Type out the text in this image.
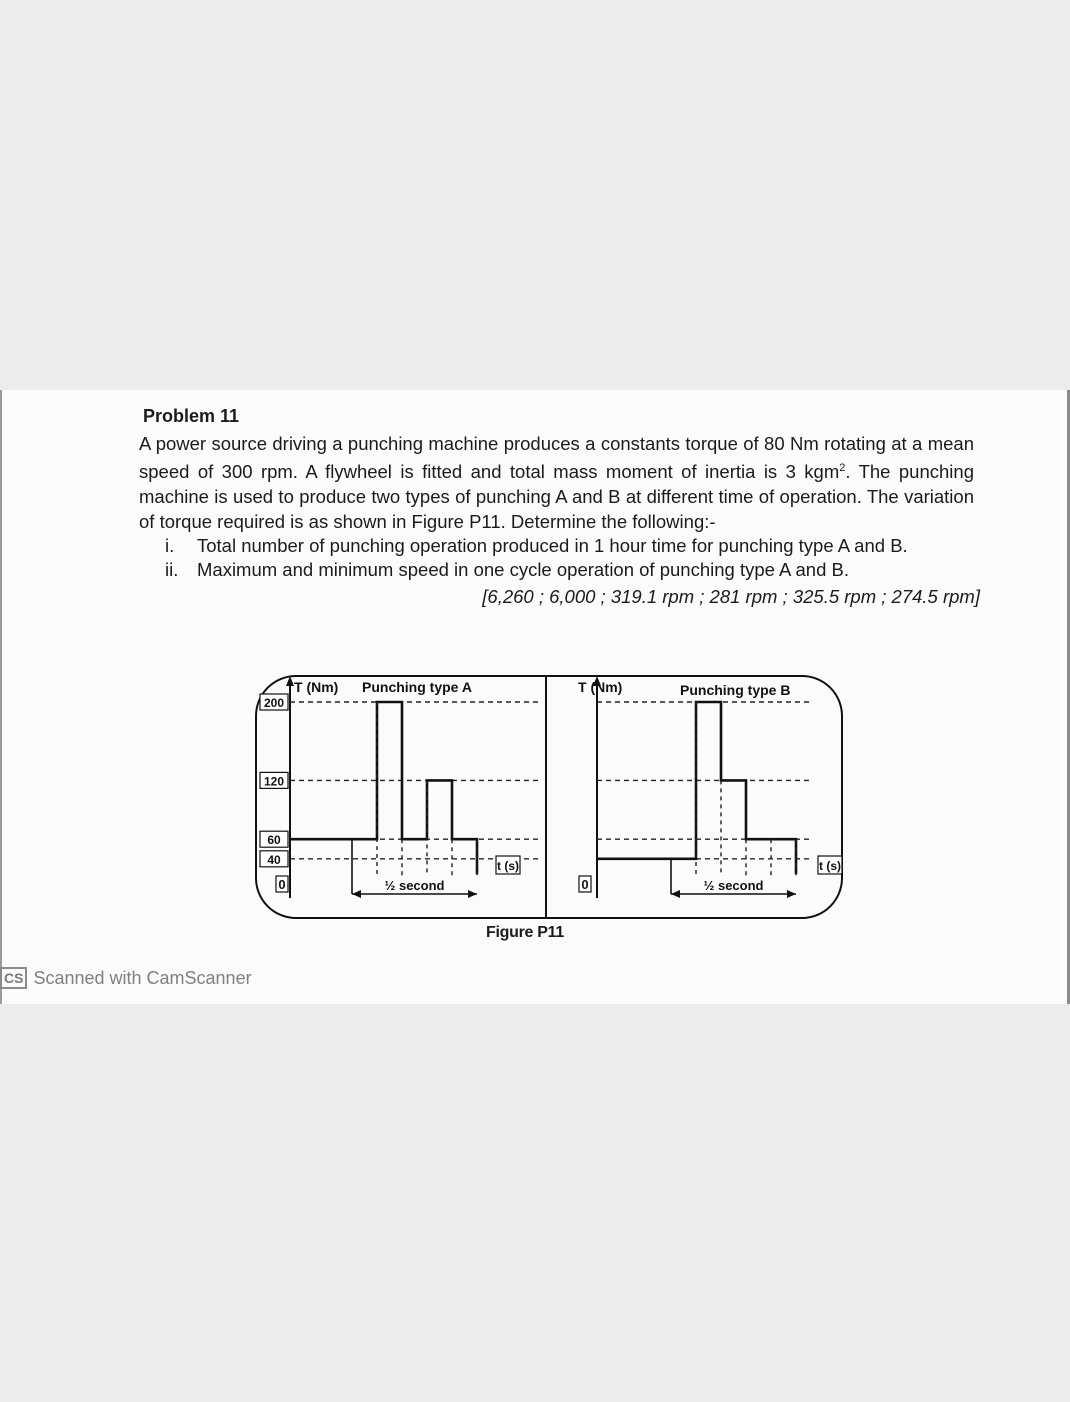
Problem 11

A power source driving a punching machine produces a constants torque of 80 Nm rotating at a mean speed of 300 rpm. A flywheel is fitted and total mass moment of inertia is 3 kgm$^2$. The punching machine is used to produce two types of punching A and B at different time of operation. The variation of torque required is as shown in Figure P11. Determine the following:-

i. Total number of punching operation produced in 1 hour time for punching type A and B.
ii. Maximum and minimum speed in one cycle operation of punching type A and B.
[6,260 ; 6,000 ; 319.1 rpm ; 281 rpm ; 325.5 rpm ; 274.5 rpm]
0
40
60
120
200
T (Nm) Punching type A
t (s)
½ second	0
T (Nm)	Punching type B
t (s)
½ second
Figure P11
CS Scanned with CamScanner
